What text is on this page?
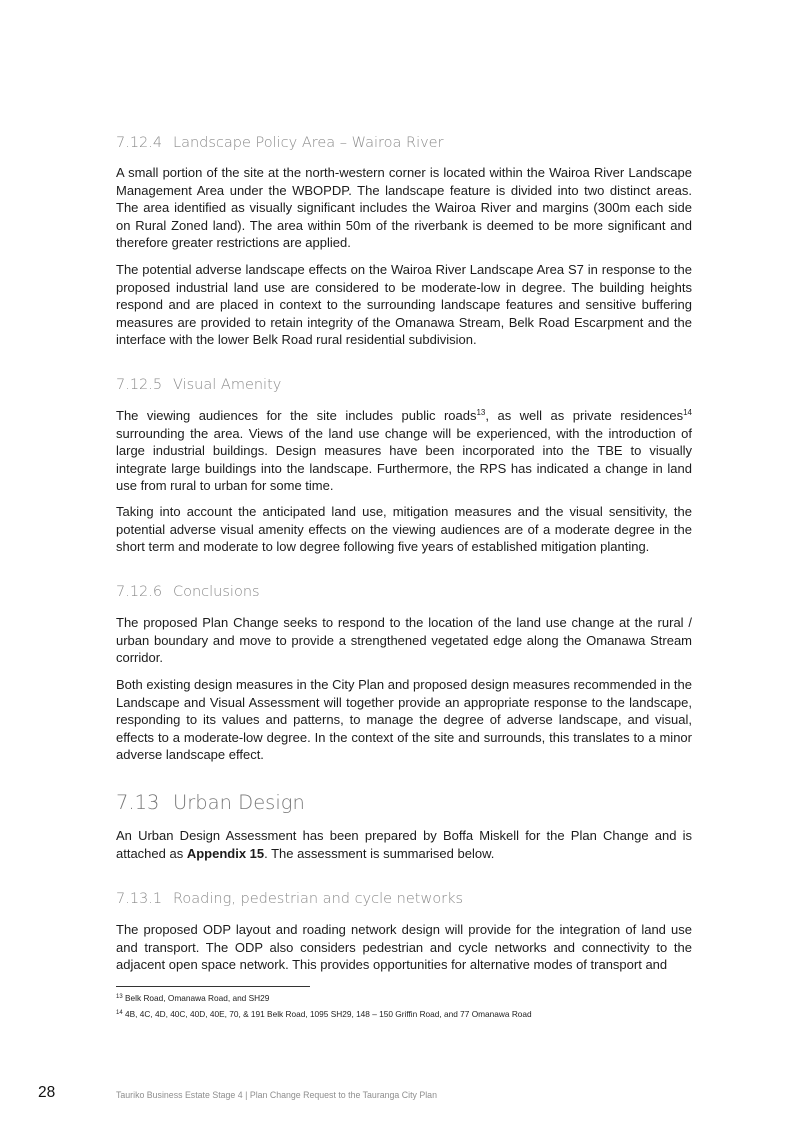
7.12.4 Landscape Policy Area – Wairoa River

A small portion of the site at the north-western corner is located within the Wairoa River Landscape Management Area under the WBOPDP. The landscape feature is divided into two distinct areas. The area identified as visually significant includes the Wairoa River and margins (300m each side on Rural Zoned land). The area within 50m of the riverbank is deemed to be more significant and therefore greater restrictions are applied.

The potential adverse landscape effects on the Wairoa River Landscape Area S7 in response to the proposed industrial land use are considered to be moderate-low in degree. The building heights respond and are placed in context to the surrounding landscape features and sensitive buffering measures are provided to retain integrity of the Omanawa Stream, Belk Road Escarpment and the interface with the lower Belk Road rural residential subdivision.

7.12.5 Visual Amenity

The viewing audiences for the site includes public roads$^{13}$, as well as private residences$^{14}$ surrounding the area. Views of the land use change will be experienced, with the introduction of large industrial buildings. Design measures have been incorporated into the TBE to visually integrate large buildings into the landscape. Furthermore, the RPS has indicated a change in land use from rural to urban for some time.

Taking into account the anticipated land use, mitigation measures and the visual sensitivity, the potential adverse visual amenity effects on the viewing audiences are of a moderate degree in the short term and moderate to low degree following five years of established mitigation planting.

7.12.6 Conclusions

The proposed Plan Change seeks to respond to the location of the land use change at the rural / urban boundary and move to provide a strengthened vegetated edge along the Omanawa Stream corridor.

Both existing design measures in the City Plan and proposed design measures recommended in the Landscape and Visual Assessment will together provide an appropriate response to the landscape, responding to its values and patterns, to manage the degree of adverse landscape, and visual, effects to a moderate-low degree. In the context of the site and surrounds, this translates to a minor adverse landscape effect.

7.13 Urban Design

An Urban Design Assessment has been prepared by Boffa Miskell for the Plan Change and is attached as Appendix 15. The assessment is summarised below.

7.13.1 Roading, pedestrian and cycle networks

The proposed ODP layout and roading network design will provide for the integration of land use and transport. The ODP also considers pedestrian and cycle networks and connectivity to the adjacent open space network. This provides opportunities for alternative modes of transport and

$^{13}$ Belk Road, Omanawa Road, and SH29
$^{14}$ 4B, 4C, 4D, 40C, 40D, 40E, 70, & 191 Belk Road, 1095 SH29, 148 – 150 Griffin Road, and 77 Omanawa Road
28	Tauriko Business Estate Stage 4 | Plan Change Request to the Tauranga City Plan
